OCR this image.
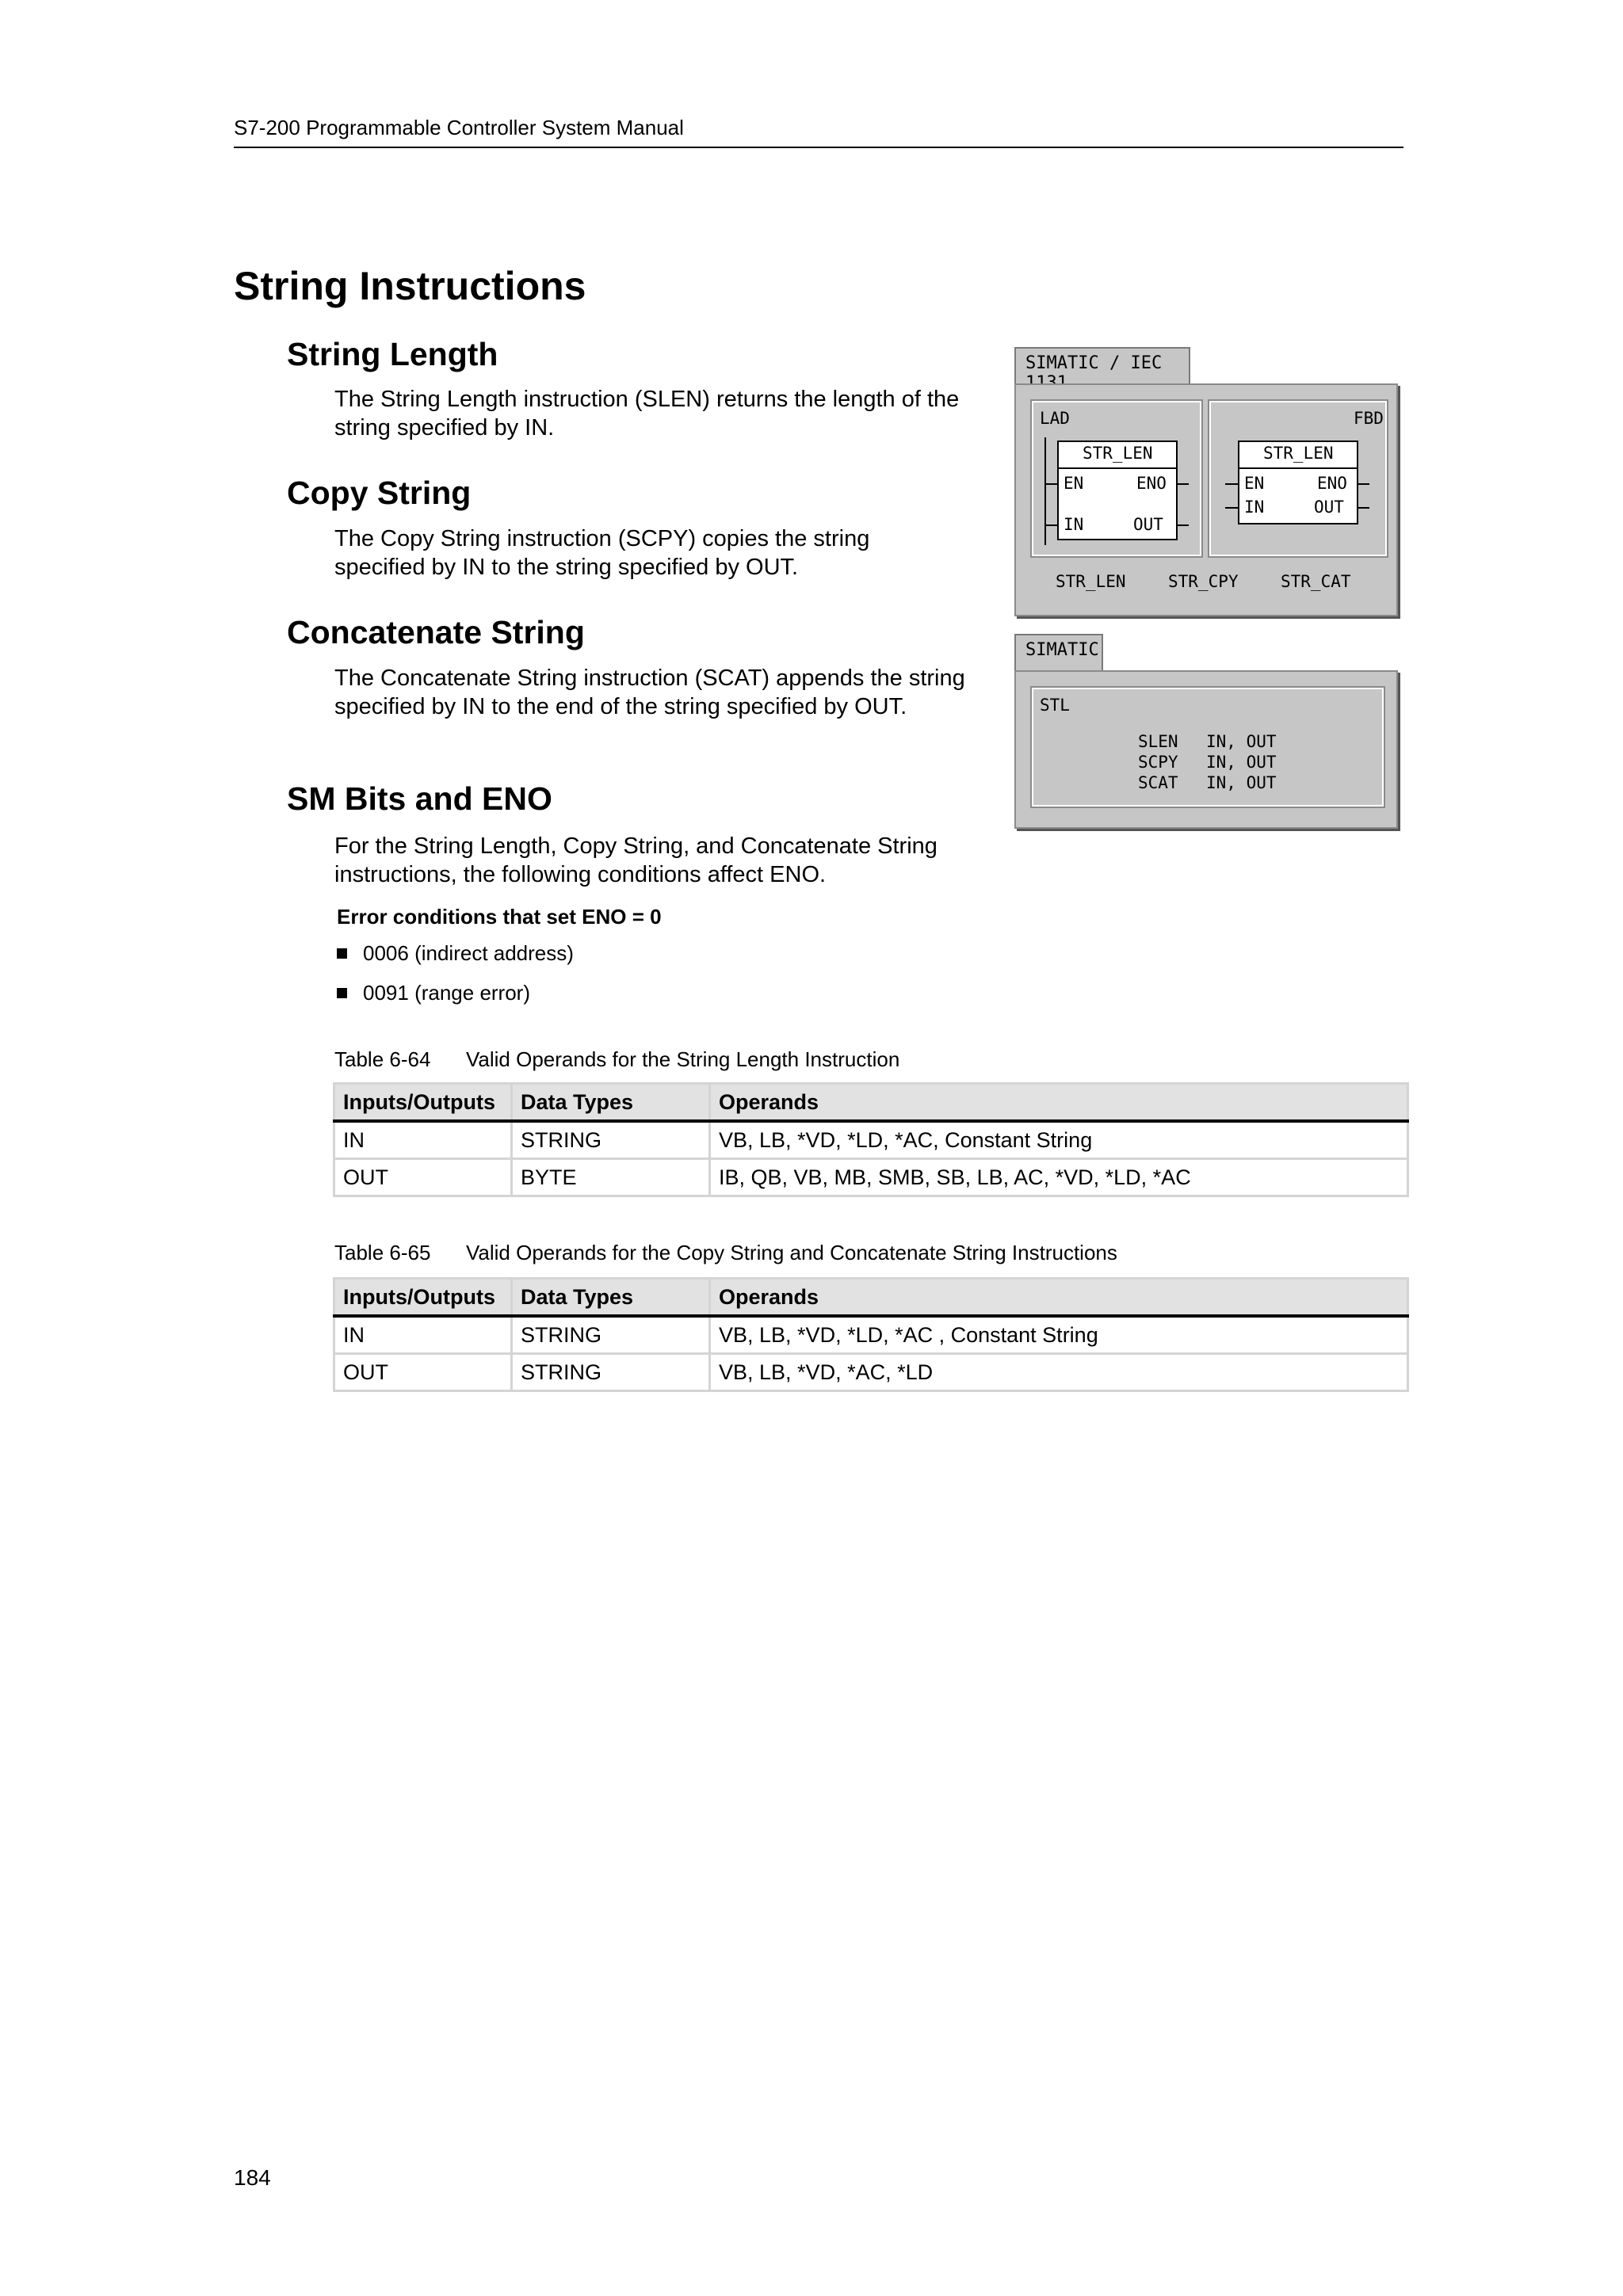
S7-200 Programmable Controller System Manual
String Instructions
String Length

The String Length instruction (SLEN) returns the length of the string specified by IN.

Copy String

The Copy String instruction (SCPY) copies the string specified by IN to the string specified by OUT.

Concatenate String

The Concatenate String instruction (SCAT) appends the string specified by IN to the end of the string specified by OUT.

SM Bits and ENO

For the String Length, Copy String, and Concatenate String instructions, the following conditions affect ENO.

Error conditions that set ENO = 0
0006 (indirect address)
0091 (range error)
SIMATIC / IEC
LAD
STR_LEN
EN	ENO
IN	OUT
FBD
STR_LEN
EN	ENO
IN	OUT
STR_LEN	STR_CPY	STR_CAT
SIMATIC
STL
SLEN IN, OUT
SCPY IN, OUT
SCAT IN, OUT
Table 6-64 Valid Operands for the String Length Instruction
Inputs/Outputs	Data Types	Operands
IN	STRING	VB, LB, *VD, *LD, *AC, Constant String
OUT	BYTE	IB, QB, VB, MB, SMB, SB, LB, AC, *VD, *LD, *AC
Table 6-65 Valid Operands for the Copy String and Concatenate String Instructions
Inputs/Outputs	Data Types	Operands
IN	STRING	VB, LB, *VD, *LD, *AC , Constant String
OUT	STRING	VB, LB, *VD, *AC, *LD
184
